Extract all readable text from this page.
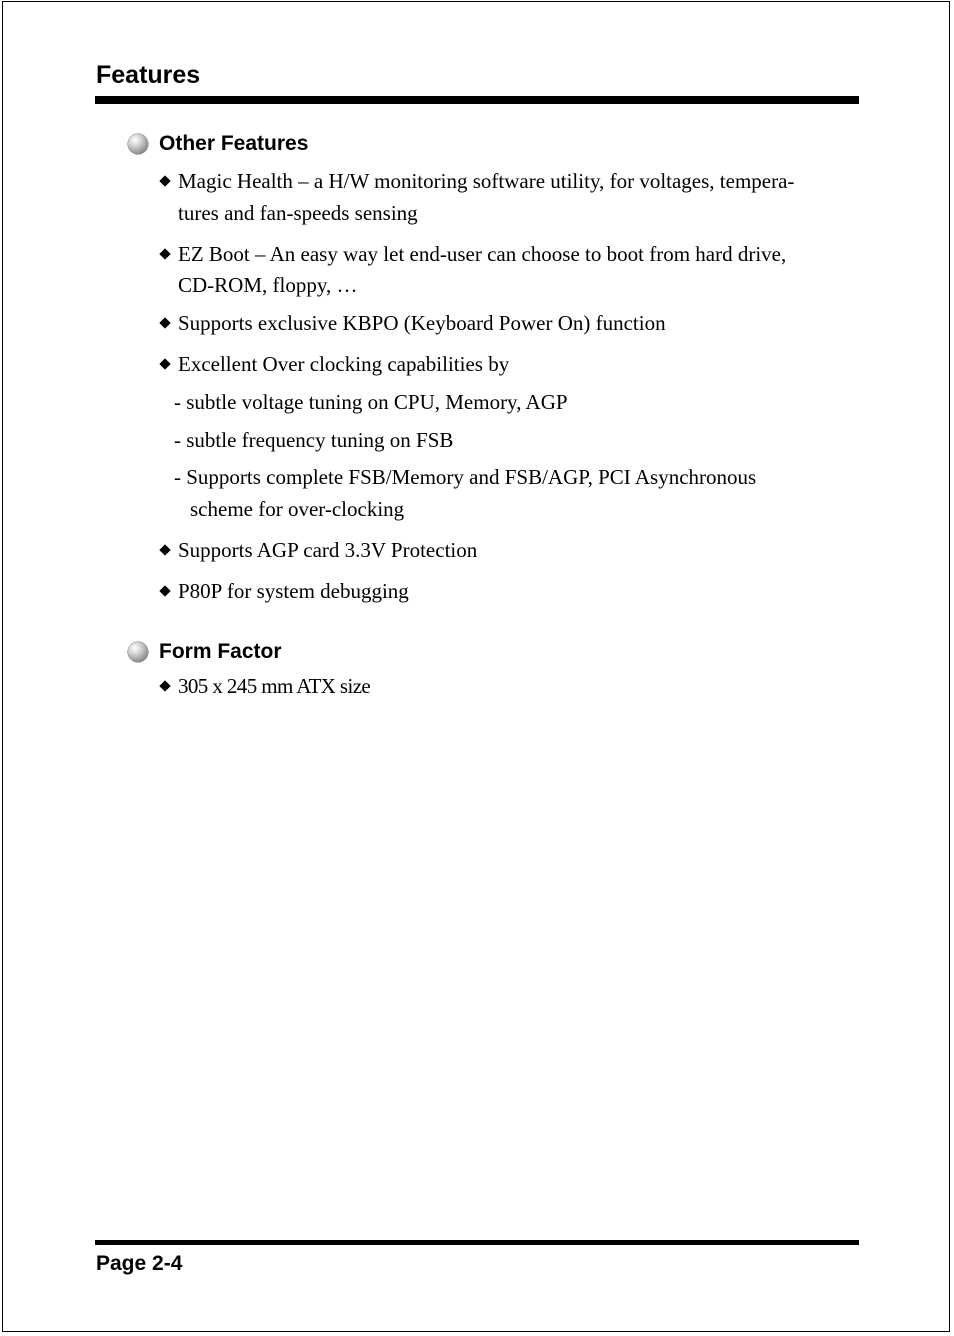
Features
Other Features
Magic Health – a H/W monitoring software utility, for voltages, tempera-
tures and fan-speeds sensing
EZ Boot – An easy way let end-user can choose to boot from hard drive,
CD-ROM, floppy, …
Supports exclusive KBPO (Keyboard Power On) function
Excellent Over clocking capabilities by
- subtle voltage tuning on CPU, Memory, AGP
- subtle frequency tuning on FSB
- Supports complete FSB/Memory and FSB/AGP, PCI Asynchronous
scheme for over-clocking
Supports AGP card 3.3V Protection
P80P for system debugging
Form Factor
305 x 245 mm ATX size
Page 2-4
